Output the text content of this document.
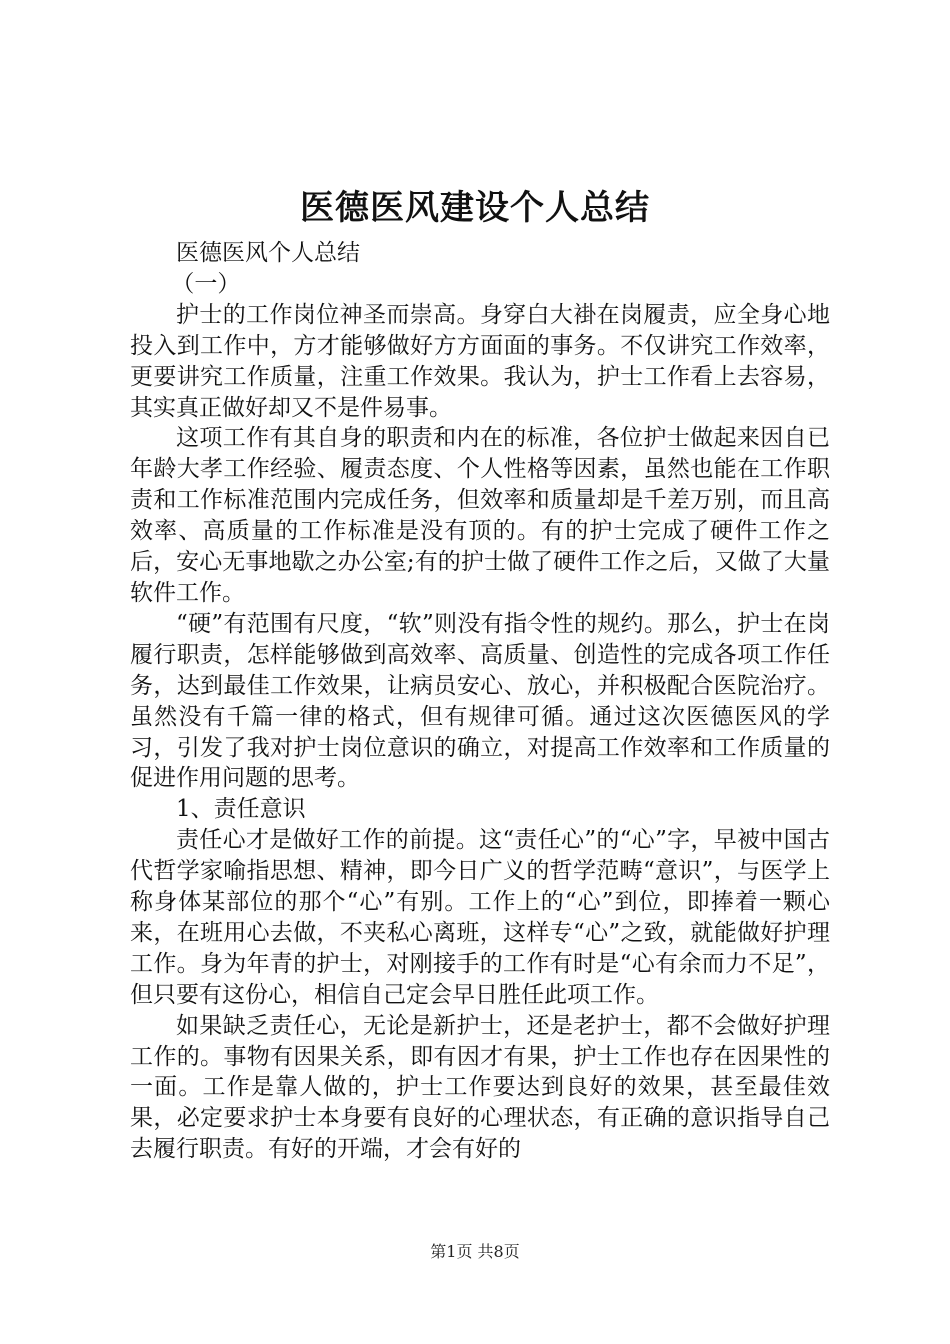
医德医风建设个人总结

医德医风个人总结

（一）

护士的工作岗位神圣而崇高。身穿白大褂在岗履责，应全身心地投入到工作中，方才能够做好方方面面的事务。不仅讲究工作效率，更要讲究工作质量，注重工作效果。我认为，护士工作看上去容易，其实真正做好却又不是件易事。

这项工作有其自身的职责和内在的标准，各位护士做起来因自已年龄大孝工作经验、履责态度、个人性格等因素，虽然也能在工作职责和工作标准范围内完成任务，但效率和质量却是千差万别，而且高效率、高质量的工作标准是没有顶的。有的护士完成了硬件工作之后，安心无事地歇之办公室;有的护士做了硬件工作之后，又做了大量软件工作。

“硬”有范围有尺度，“软”则没有指令性的规约。那么，护士在岗履行职责，怎样能够做到高效率、高质量、创造性的完成各项工作任务，达到最佳工作效果，让病员安心、放心，并积极配合医院治疗。虽然没有千篇一律的格式，但有规律可循。通过这次医德医风的学习，引发了我对护士岗位意识的确立，对提高工作效率和工作质量的促进作用问题的思考。

1、责任意识

责任心才是做好工作的前提。这“责任心”的“心”字，早被中国古代哲学家喻指思想、精神，即今日广义的哲学范畴“意识”，与医学上称身体某部位的那个“心”有别。工作上的“心”到位，即捧着一颗心来，在班用心去做，不夹私心离班，这样专“心”之致，就能做好护理工作。身为年青的护士，对刚接手的工作有时是“心有余而力不足”，但只要有这份心，相信自己定会早日胜任此项工作。

如果缺乏责任心，无论是新护士，还是老护士，都不会做好护理工作的。事物有因果关系，即有因才有果，护士工作也存在因果性的一面。工作是靠人做的，护士工作要达到良好的效果，甚至最佳效果，必定要求护士本身要有良好的心理状态，有正确的意识指导自己去履行职责。有好的开端，才会有好的

第1页 共8页
